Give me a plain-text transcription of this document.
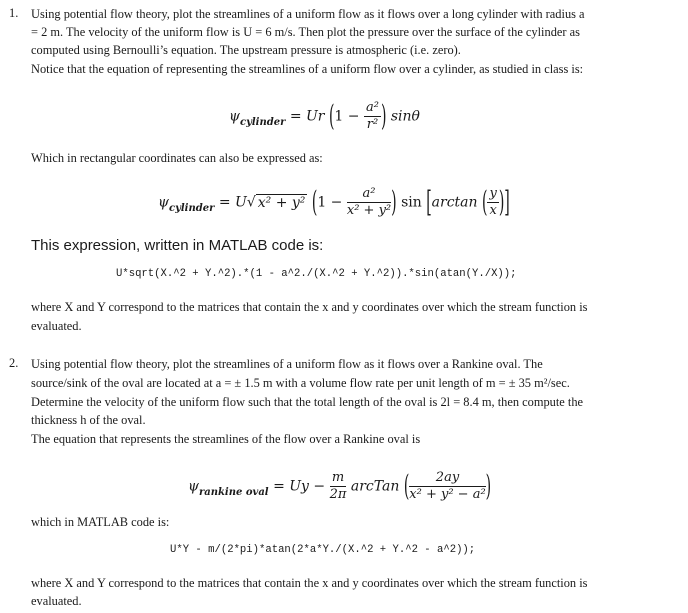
1. Using potential flow theory, plot the streamlines of a uniform flow as it flows over a long cylinder with radius a
= 2 m. The velocity of the uniform flow is U = 6 m/s. Then plot the pressure over the surface of the cylinder as
computed using Bernoulli’s equation. The upstream pressure is atmospheric (i.e. zero).
Notice that the equation of representing the streamlines of a uniform flow over a cylinder, as studied in class is:
$\psi_{cylinder} = Ur$ ($1 - \frac{\text{a²}}{\text{r²}}$ ) sinθ
Which in rectangular coordinates can also be expressed as:
$\psi_{cylinder} = U√$ x² + y² ($1 - \frac{\text{a²}}{\text{x² + y²}}$ ) sin [arctan ( $\frac{y}{x}$ )]
This expression, written in MATLAB code is:
U*sqrt(X.^2 + Y.^2).*(1 - a^2./(X.^2 + Y.^2)).*sin(atan(Y./X));
where X and Y correspond to the matrices that contain the x and y coordinates over which the stream function is
evaluated.
2. Using potential flow theory, plot the streamlines of a uniform flow as it flows over a Rankine oval. The
source/sink of the oval are located at a = ± 1.5 m with a volume flow rate per unit length of m = ± 35 m²/sec.
Determine the velocity of the uniform flow such that the total length of the oval is 2l = 8.4 m, then compute the
thickness h of the oval.
The equation that represents the streamlines of the flow over a Rankine oval is
$\psi_{rankine oval} = Uy - \frac{m}{2\pi}$ arcTan ( $\frac{2ay}{\text{x² + y² − a²}}$ )
which in MATLAB code is:
U*Y - m/(2*pi)*atan(2*a*Y./(X.^2 + Y.^2 - a^2));
where X and Y correspond to the matrices that contain the x and y coordinates over which the stream function is
evaluated.
